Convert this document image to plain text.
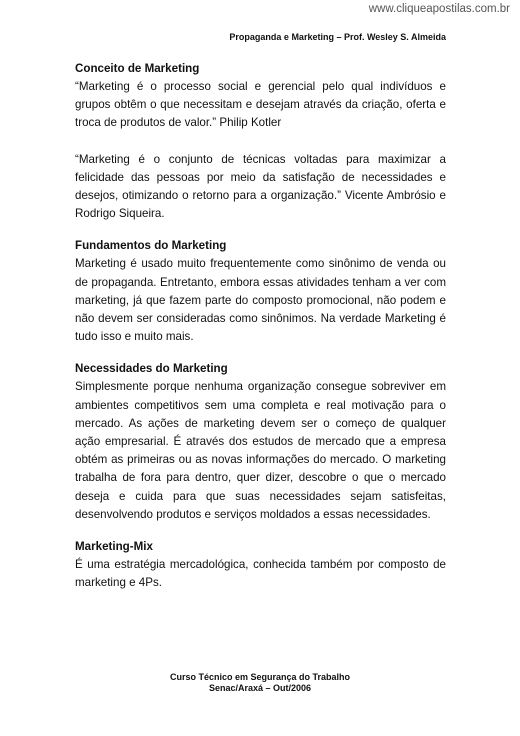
www.cliqueapostilas.com.br
Propaganda e Marketing – Prof. Wesley S. Almeida

Conceito de Marketing

“Marketing é o processo social e gerencial pelo qual indivíduos e grupos obtêm o que necessitam e desejam através da criação, oferta e troca de produtos de valor.” Philip Kotler

“Marketing é o conjunto de técnicas voltadas para maximizar a felicidade das pessoas por meio da satisfação de necessidades e desejos, otimizando o retorno para a organização.” Vicente Ambrósio e Rodrigo Siqueira.

Fundamentos do Marketing

Marketing é usado muito frequentemente como sinônimo de venda ou de propaganda. Entretanto, embora essas atividades tenham a ver com marketing, já que fazem parte do composto promocional, não podem e não devem ser consideradas como sinônimos. Na verdade Marketing é tudo isso e muito mais.

Necessidades do Marketing

Simplesmente porque nenhuma organização consegue sobreviver em ambientes competitivos sem uma completa e real motivação para o mercado. As ações de marketing devem ser o começo de qualquer ação empresarial. É através dos estudos de mercado que a empresa obtém as primeiras ou as novas informações do mercado. O marketing trabalha de fora para dentro, quer dizer, descobre o que o mercado deseja e cuida para que suas necessidades sejam satisfeitas, desenvolvendo produtos e serviços moldados a essas necessidades.

Marketing-Mix

É uma estratégia mercadológica, conhecida também por composto de marketing e 4Ps.

Curso Técnico em Segurança do Trabalho
Senac/Araxá – Out/2006
